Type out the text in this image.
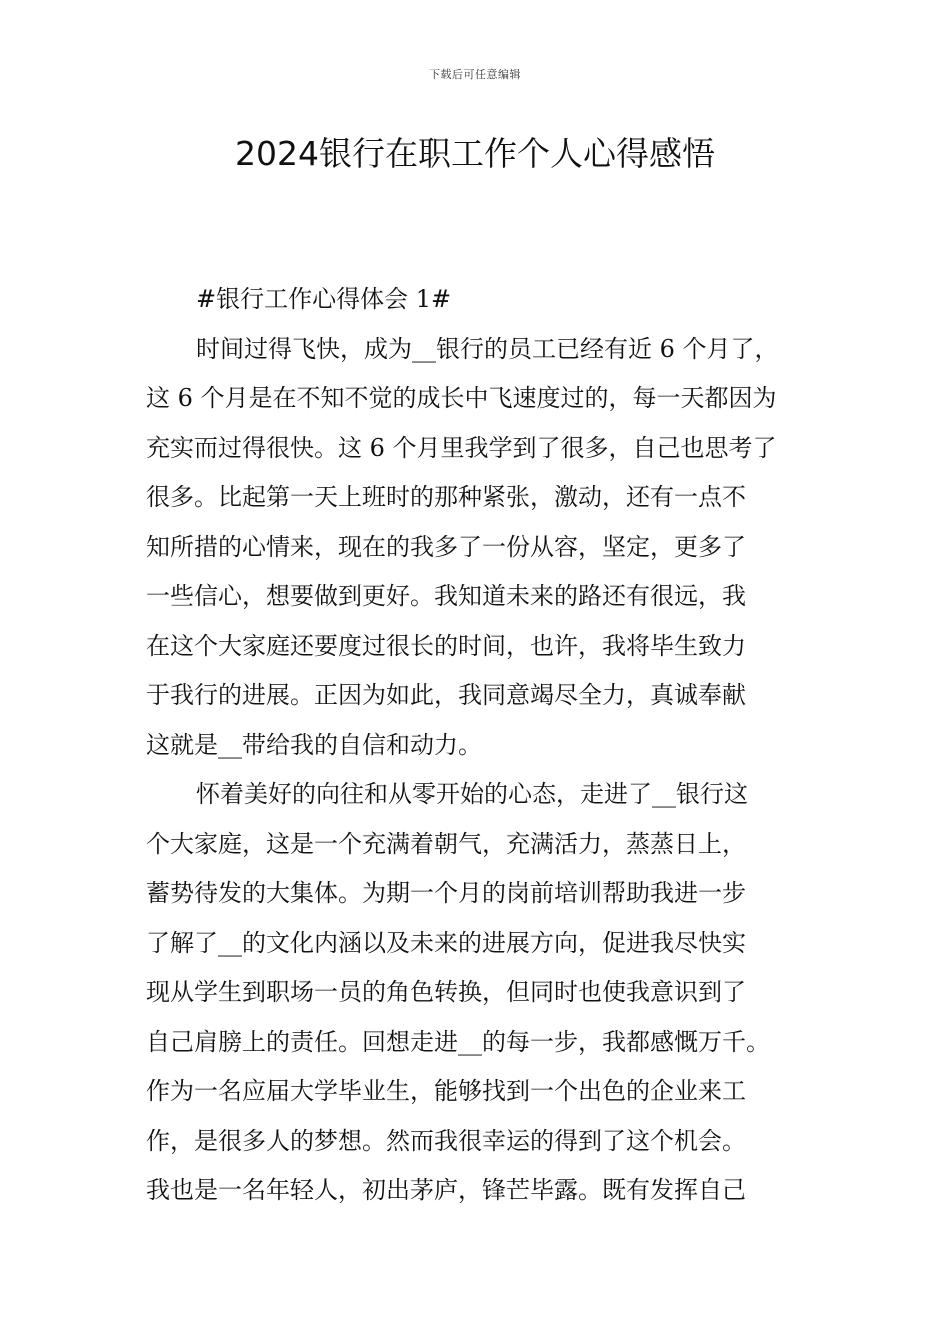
下载后可任意编辑
2024银行在职工作个人心得感悟
#银行工作心得体会 1#
时间过得飞快，成为__银行的员工已经有近 6 个月了，
这 6 个月是在不知不觉的成长中飞速度过的，每一天都因为
充实而过得很快。这 6 个月里我学到了很多，自己也思考了
很多。比起第一天上班时的那种紧张，激动，还有一点不
知所措的心情来，现在的我多了一份从容，坚定，更多了
一些信心，想要做到更好。我知道未来的路还有很远，我
在这个大家庭还要度过很长的时间，也许，我将毕生致力
于我行的进展。正因为如此，我同意竭尽全力，真诚奉献
这就是__带给我的自信和动力。
怀着美好的向往和从零开始的心态，走进了__银行这
个大家庭，这是一个充满着朝气，充满活力，蒸蒸日上，
蓄势待发的大集体。为期一个月的岗前培训帮助我进一步
了解了__的文化内涵以及未来的进展方向，促进我尽快实
现从学生到职场一员的角色转换，但同时也使我意识到了
自己肩膀上的责任。回想走进__的每一步，我都感慨万千。
作为一名应届大学毕业生，能够找到一个出色的企业来工
作，是很多人的梦想。然而我很幸运的得到了这个机会。
我也是一名年轻人，初出茅庐，锋芒毕露。既有发挥自己
